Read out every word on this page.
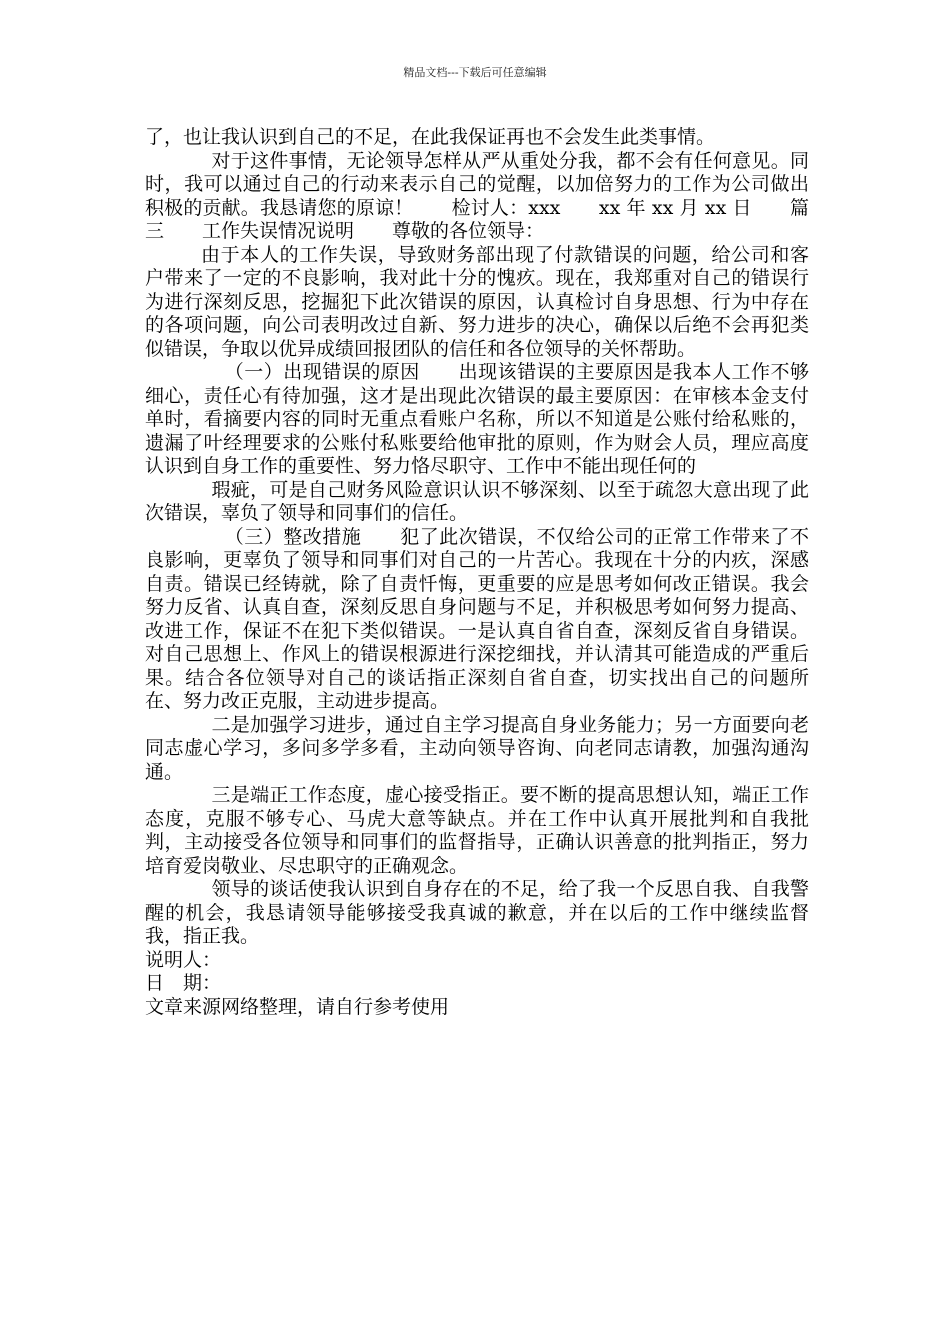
精品文档---下载后可任意编辑

了，也让我认识到自己的不足，在此我保证再也不会发生此类事情。

对于这件事情，无论领导怎样从严从重处分我，都不会有任何意见。同时，我可以通过自己的行动来表示自己的觉醒，以加倍努力的工作为公司做出积极的贡献。我恳请您的原谅！　　检讨人：xxx　　xx 年 xx 月 xx 日　　篇三　　工作失误情况说明　　尊敬的各位领导：

由于本人的工作失误，导致财务部出现了付款错误的问题，给公司和客户带来了一定的不良影响，我对此十分的愧疚。现在，我郑重对自己的错误行为进行深刻反思，挖掘犯下此次错误的原因，认真检讨自身思想、行为中存在的各项问题，向公司表明改过自新、努力进步的决心，确保以后绝不会再犯类似错误，争取以优异成绩回报团队的信任和各位领导的关怀帮助。

（一）出现错误的原因　　出现该错误的主要原因是我本人工作不够细心，责任心有待加强，这才是出现此次错误的最主要原因：在审核本金支付单时，看摘要内容的同时无重点看账户名称，所以不知道是公账付给私账的，遗漏了叶经理要求的公账付私账要给他审批的原则，作为财会人员，理应高度认识到自身工作的重要性、努力恪尽职守、工作中不能出现任何的

瑕疵，可是自己财务风险意识认识不够深刻、以至于疏忽大意出现了此次错误，辜负了领导和同事们的信任。

（三）整改措施　　犯了此次错误，不仅给公司的正常工作带来了不良影响，更辜负了领导和同事们对自己的一片苦心。我现在十分的内疚，深感自责。错误已经铸就，除了自责忏悔，更重要的应是思考如何改正错误。我会努力反省、认真自查，深刻反思自身问题与不足，并积极思考如何努力提高、改进工作，保证不在犯下类似错误。一是认真自省自查，深刻反省自身错误。对自己思想上、作风上的错误根源进行深挖细找，并认清其可能造成的严重后果。结合各位领导对自己的谈话指正深刻自省自查，切实找出自己的问题所在、努力改正克服，主动进步提高。

二是加强学习进步，通过自主学习提高自身业务能力；另一方面要向老同志虚心学习，多问多学多看，主动向领导咨询、向老同志请教，加强沟通沟通。

三是端正工作态度，虚心接受指正。要不断的提高思想认知，端正工作态度，克服不够专心、马虎大意等缺点。并在工作中认真开展批判和自我批判，主动接受各位领导和同事们的监督指导，正确认识善意的批判指正，努力培育爱岗敬业、尽忠职守的正确观念。

领导的谈话使我认识到自身存在的不足，给了我一个反思自我、自我警醒的机会，我恳请领导能够接受我真诚的歉意，并在以后的工作中继续监督我，指正我。

说明人：

日　期：

文章来源网络整理，请自行参考使用
